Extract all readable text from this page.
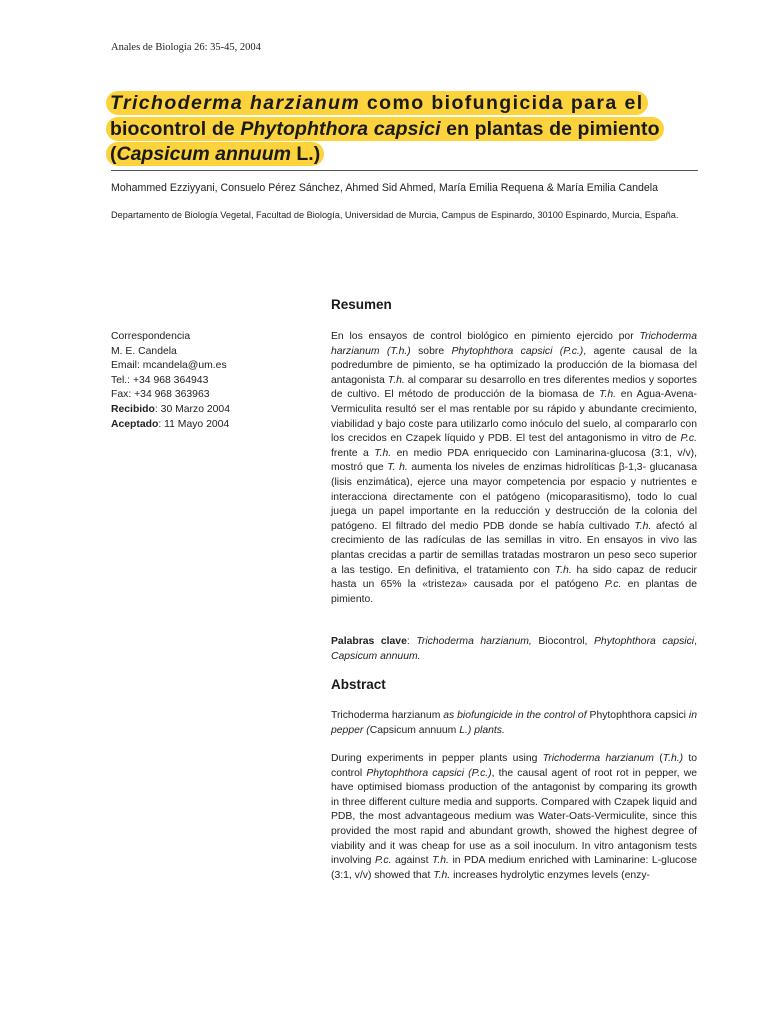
Anales de Biología 26: 35-45, 2004
Trichoderma harzianum como biofungicida para el
biocontrol de Phytophthora capsici en plantas de pimiento
(Capsicum annuum L.)
Mohammed Ezziyyani, Consuelo Pérez Sánchez, Ahmed Sid Ahmed, María Emilia Requena & María Emilia Candela
Departamento de Biología Vegetal, Facultad de Biología, Universidad de Murcia, Campus de Espinardo, 30100 Espinardo, Murcia, España.
Correspondencia
M. E. Candela
Email: mcandela@um.es
Tel.: +34 968 364943
Fax: +34 968 363963
Recibido: 30 Marzo 2004
Aceptado: 11 Mayo 2004
Resumen

En los ensayos de control biológico en pimiento ejercido por Trichoderma harzianum (T.h.) sobre Phytophthora capsici (P.c.), agente causal de la podredumbre de pimiento, se ha optimizado la producción de la biomasa del antagonista T.h. al comparar su desarrollo en tres diferentes medios y soportes de cultivo. El método de producción de la biomasa de T.h. en Agua-Avena-Vermiculita resultó ser el mas rentable por su rápido y abundante crecimiento, viabilidad y bajo coste para utilizarlo como inóculo del suelo, al compararlo con los crecidos en Czapek líquido y PDB. El test del antagonismo in vitro de P.c. frente a T.h. en medio PDA enriquecido con Laminarina-glucosa (3:1, v/v), mostró que T. h. aumenta los niveles de enzimas hidrolíticas β-1,3- glucanasa (lisis enzimática), ejerce una mayor competencia por espacio y nutrientes e interacciona directamente con el patógeno (micoparasitismo), todo lo cual juega un papel importante en la reducción y destrucción de la colonia del patógeno. El filtrado del medio PDB donde se había cultivado T.h. afectó al crecimiento de las radículas de las semillas in vitro. En ensayos in vivo las plantas crecidas a partir de semillas tratadas mostraron un peso seco superior a las testigo. En definitiva, el tratamiento con T.h. ha sido capaz de reducir hasta un 65% la «tristeza» causada por el patógeno P.c. en plantas de pimiento.

Palabras clave: Trichoderma harzianum, Biocontrol, Phytophthora capsici, Capsicum annuum.

Abstract

Trichoderma harzianum as biofungicide in the control of Phytophthora capsici in pepper (Capsicum annuum L.) plants.

During experiments in pepper plants using Trichoderma harzianum (T.h.) to control Phytophthora capsici (P.c.), the causal agent of root rot in pepper, we have optimised biomass production of the antagonist by comparing its growth in three different culture media and supports. Compared with Czapek liquid and PDB, the most advantageous medium was Water-Oats-Vermiculite, since this provided the most rapid and abundant growth, showed the highest degree of viability and it was cheap for use as a soil inoculum. In vitro antagonism tests involving P.c. against T.h. in PDA medium enriched with Laminarine: L-glucose (3:1, v/v) showed that T.h. increases hydrolytic enzymes levels (enzy-
